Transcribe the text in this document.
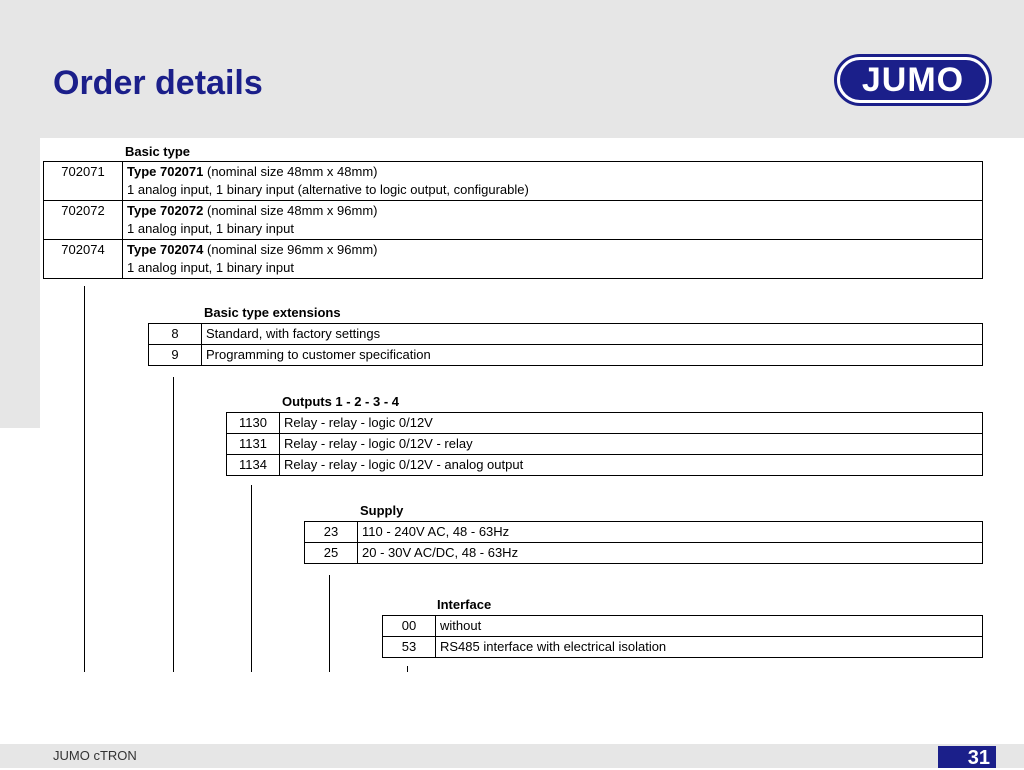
Order details	JUMO
Basic type
702071	Type 702071 (nominal size 48mm x 48mm)
1 analog input, 1 binary input (alternative to logic output, configurable)
702072	Type 702072 (nominal size 48mm x 96mm)
1 analog input, 1 binary input
702074	Type 702074 (nominal size 96mm x 96mm)
1 analog input, 1 binary input
Basic type extensions
8	Standard, with factory settings
9	Programming to customer specification
Outputs 1 - 2 - 3 - 4
1130	Relay - relay - logic 0/12V
1131	Relay - relay - logic 0/12V - relay
1134	Relay - relay - logic 0/12V - analog output
Supply
23	110 - 240V AC, 48 - 63Hz
25	20 - 30V AC/DC, 48 - 63Hz
Interface
00	without
53	RS485 interface with electrical isolation
JUMO cTRON	31
